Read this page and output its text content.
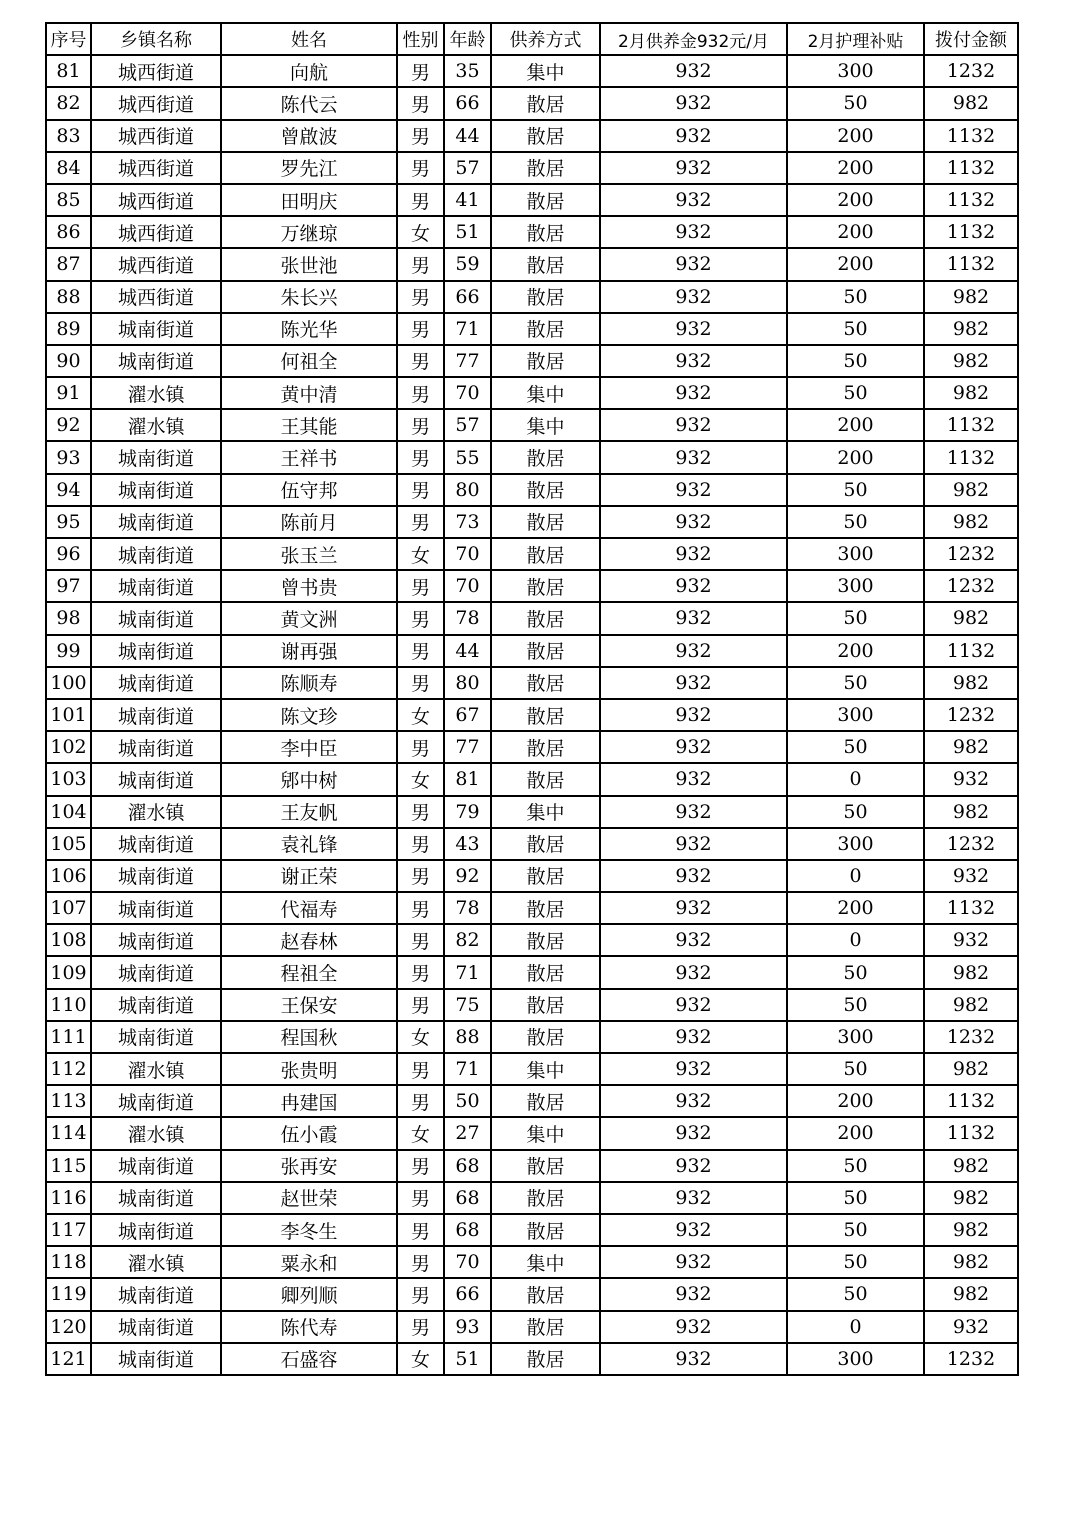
序号	乡镇名称	姓名	性别	年龄	供养方式	2月供养金932元/月	2月护理补贴	拨付金额
81	城西街道	向航	男	35	集中	932	300	1232
82	城西街道	陈代云	男	66	散居	932	50	982
83	城西街道	曾啟波	男	44	散居	932	200	1132
84	城西街道	罗先江	男	57	散居	932	200	1132
85	城西街道	田明庆	男	41	散居	932	200	1132
86	城西街道	万继琼	女	51	散居	932	200	1132
87	城西街道	张世池	男	59	散居	932	200	1132
88	城西街道	朱长兴	男	66	散居	932	50	982
89	城南街道	陈光华	男	71	散居	932	50	982
90	城南街道	何祖全	男	77	散居	932	50	982
91	濯水镇	黄中清	男	70	集中	932	50	982
92	濯水镇	王其能	男	57	集中	932	200	1132
93	城南街道	王祥书	男	55	散居	932	200	1132
94	城南街道	伍守邦	男	80	散居	932	50	982
95	城南街道	陈前月	男	73	散居	932	50	982
96	城南街道	张玉兰	女	70	散居	932	300	1232
97	城南街道	曾书贵	男	70	散居	932	300	1232
98	城南街道	黄文洲	男	78	散居	932	50	982
99	城南街道	谢再强	男	44	散居	932	200	1132
100	城南街道	陈顺寿	男	80	散居	932	50	982
101	城南街道	陈文珍	女	67	散居	932	300	1232
102	城南街道	李中臣	男	77	散居	932	50	982
103	城南街道	郳中树	女	81	散居	932	0	932
104	濯水镇	王友帆	男	79	集中	932	50	982
105	城南街道	袁礼锋	男	43	散居	932	300	1232
106	城南街道	谢正荣	男	92	散居	932	0	932
107	城南街道	代福寿	男	78	散居	932	200	1132
108	城南街道	赵春林	男	82	散居	932	0	932
109	城南街道	程祖全	男	71	散居	932	50	982
110	城南街道	王保安	男	75	散居	932	50	982
111	城南街道	程国秋	女	88	散居	932	300	1232
112	濯水镇	张贵明	男	71	集中	932	50	982
113	城南街道	冉建国	男	50	散居	932	200	1132
114	濯水镇	伍小霞	女	27	集中	932	200	1132
115	城南街道	张再安	男	68	散居	932	50	982
116	城南街道	赵世荣	男	68	散居	932	50	982
117	城南街道	李冬生	男	68	散居	932	50	982
118	濯水镇	粟永和	男	70	集中	932	50	982
119	城南街道	卿列顺	男	66	散居	932	50	982
120	城南街道	陈代寿	男	93	散居	932	0	932
121	城南街道	石盛容	女	51	散居	932	300	1232
